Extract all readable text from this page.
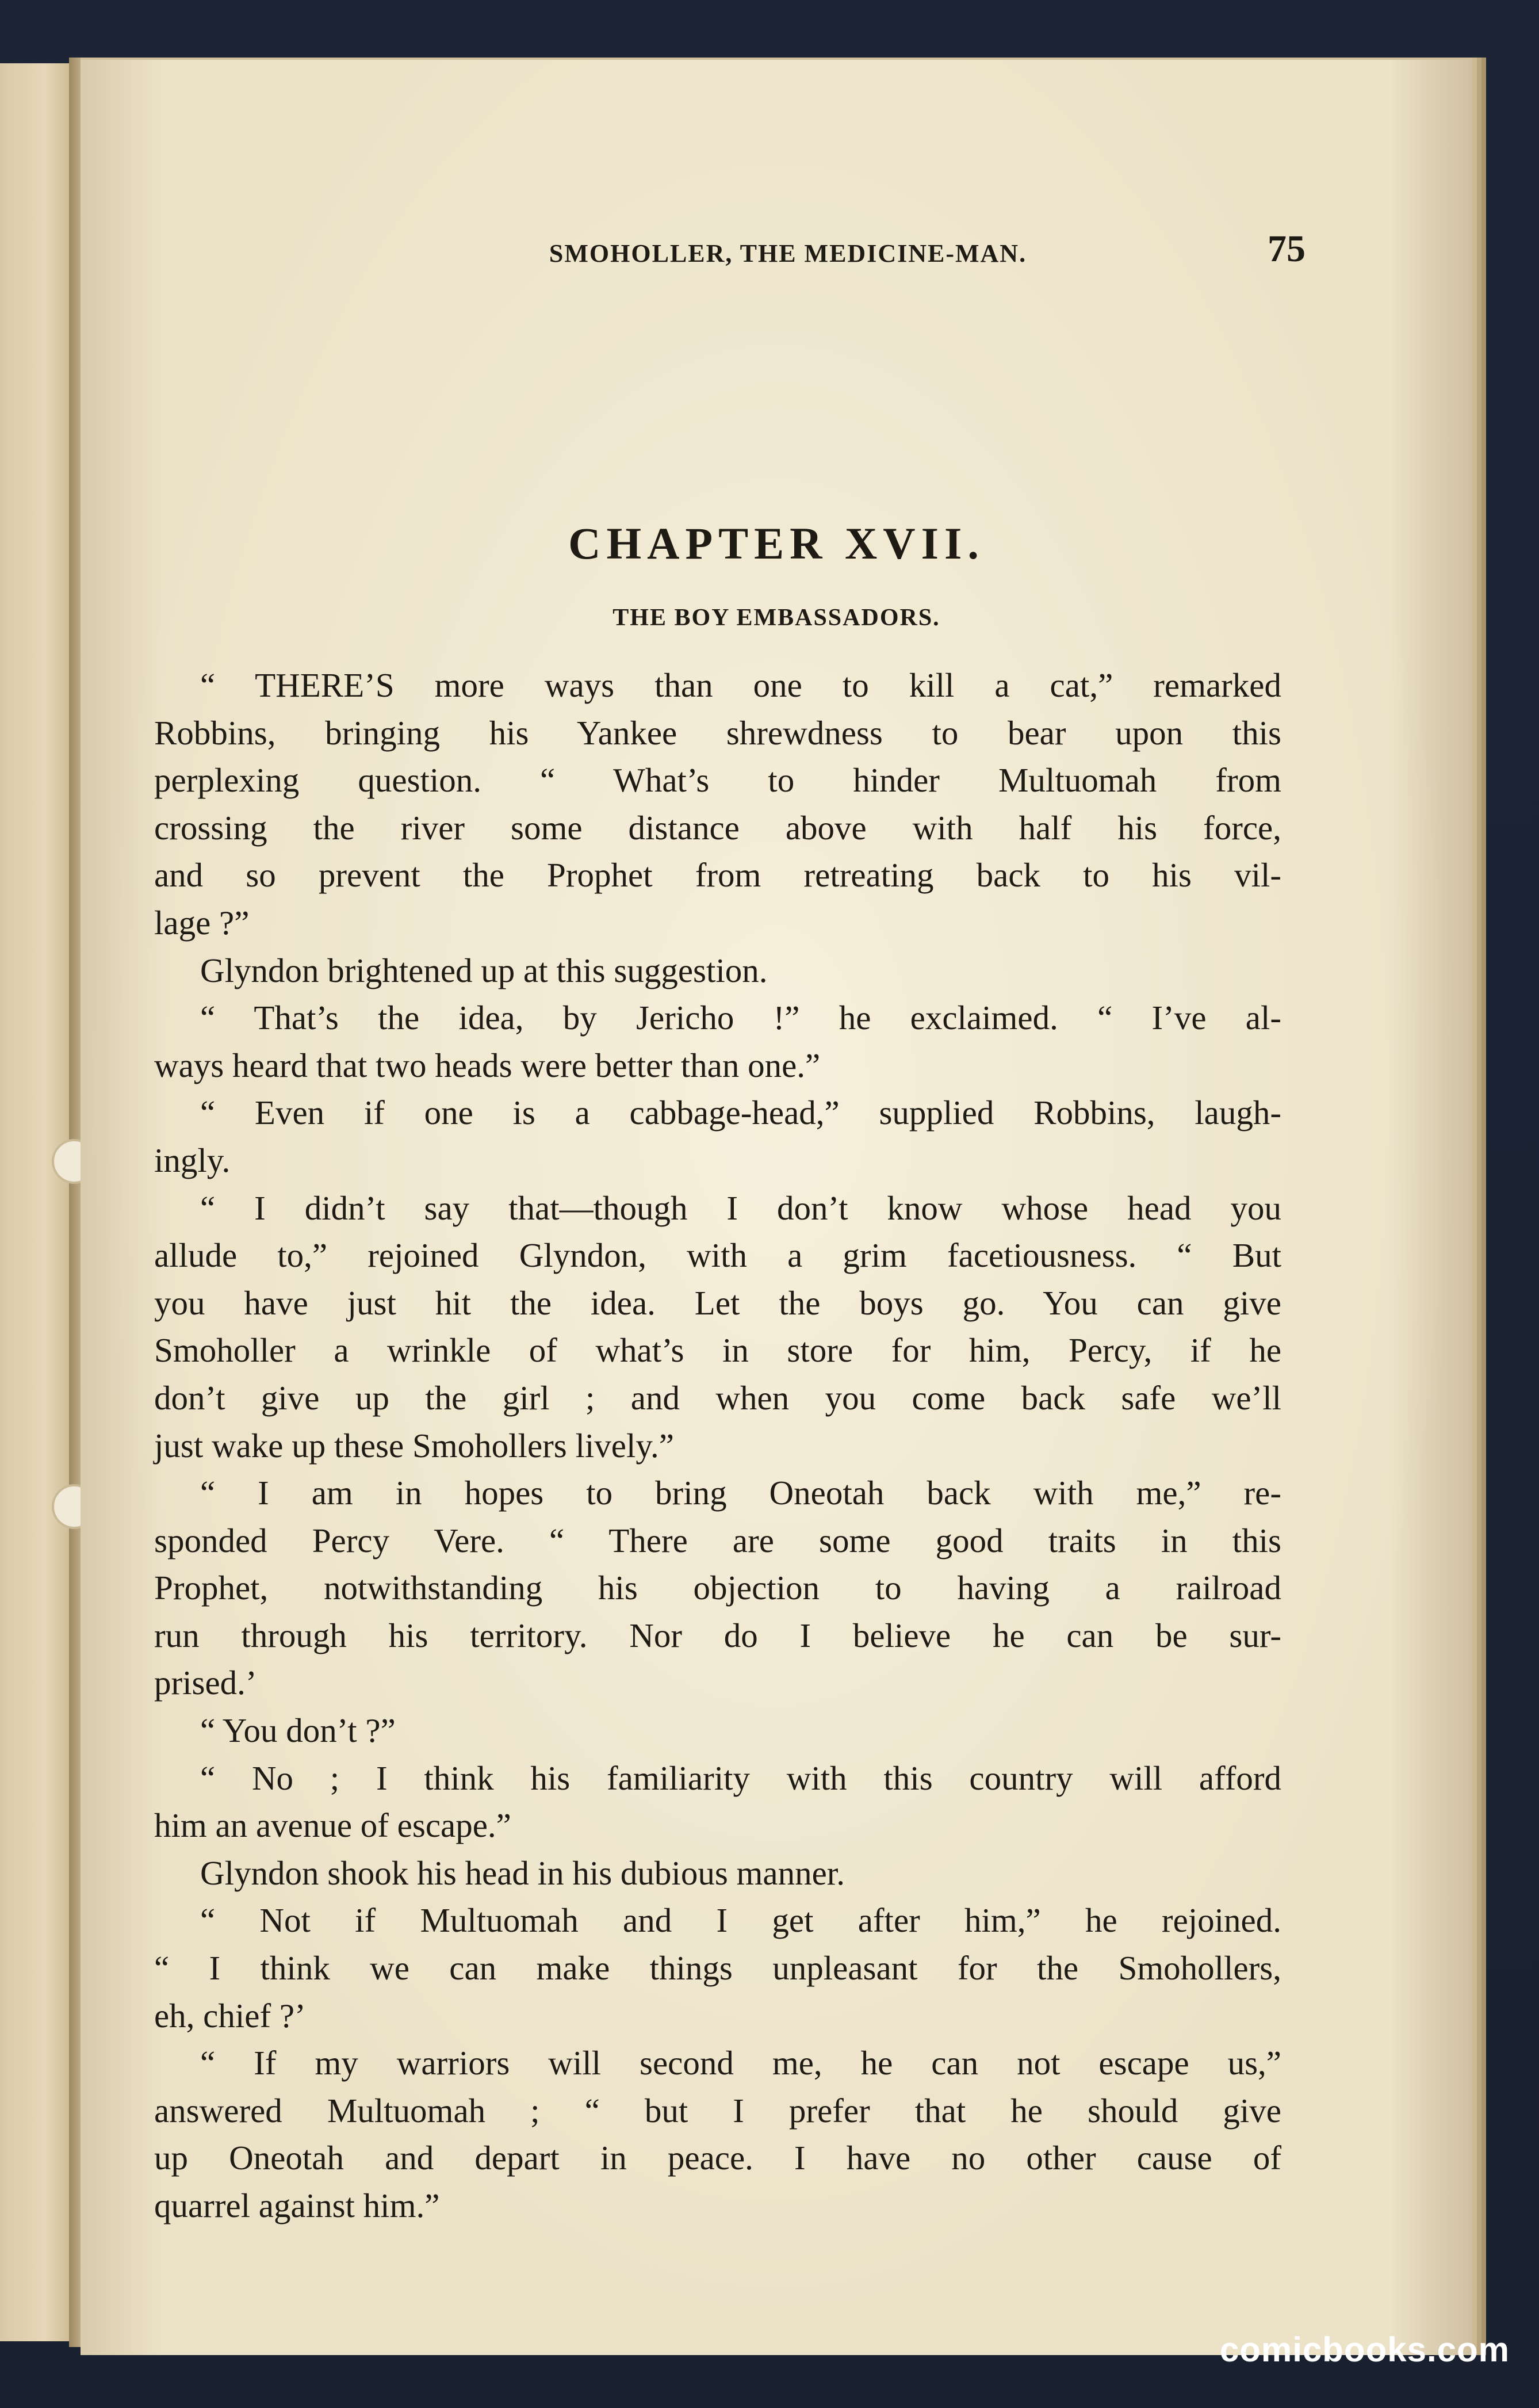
SMOHOLLER, THE MEDICINE-MAN.	75
CHAPTER XVII.
THE BOY EMBASSADORS.
“ THERE’S more ways than one to kill a cat,” remarked
Robbins, bringing his Yankee shrewdness to bear upon this
perplexing question. “ What’s to hinder Multuomah from
crossing the river some distance above with half his force,
and so prevent the Prophet from retreating back to his vil-
lage ?”
Glyndon brightened up at this suggestion.
“ That’s the idea, by Jericho !” he exclaimed. “ I’ve al-
ways heard that two heads were better than one.”
“ Even if one is a cabbage-head,” supplied Robbins, laugh-
ingly.
“ I didn’t say that—though I don’t know whose head you
allude to,” rejoined Glyndon, with a grim facetiousness. “ But
you have just hit the idea. Let the boys go. You can give
Smoholler a wrinkle of what’s in store for him, Percy, if he
don’t give up the girl ; and when you come back safe we’ll
just wake up these Smohollers lively.”
“ I am in hopes to bring Oneotah back with me,” re-
sponded Percy Vere. “ There are some good traits in this
Prophet, notwithstanding his objection to having a railroad
run through his territory. Nor do I believe he can be sur-
prised.’
“ You don’t ?”
“ No ; I think his familiarity with this country will afford
him an avenue of escape.”
Glyndon shook his head in his dubious manner.
“ Not if Multuomah and I get after him,” he rejoined.
“ I think we can make things unpleasant for the Smohollers,
eh, chief ?’
“ If my warriors will second me, he can not escape us,”
answered Multuomah ; “ but I prefer that he should give
up Oneotah and depart in peace. I have no other cause of
quarrel against him.”
comicbooks.com
